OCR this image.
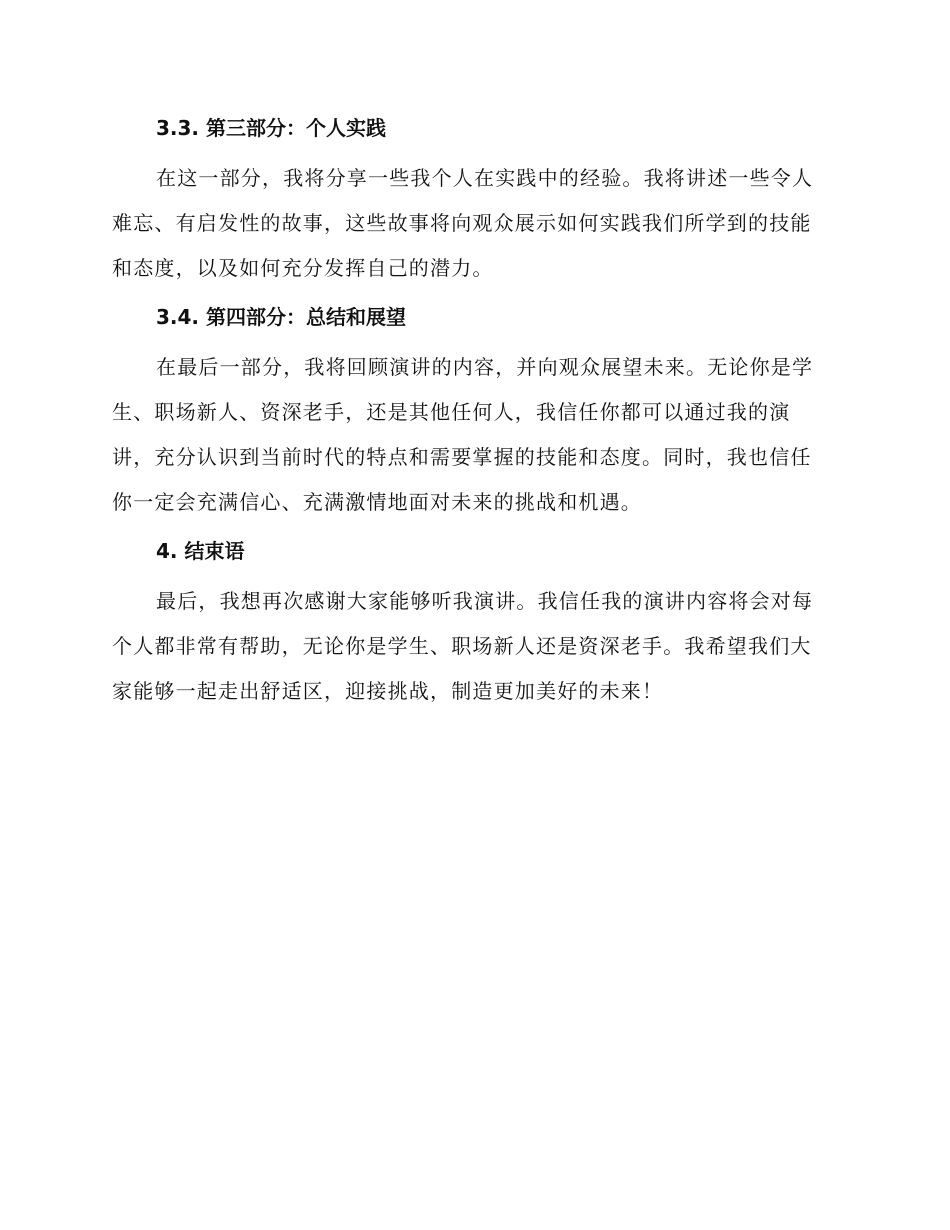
3.3. 第三部分：个人实践

在这一部分，我将分享一些我个人在实践中的经验。我将讲述一些令人难忘、有启发性的故事，这些故事将向观众展示如何实践我们所学到的技能和态度，以及如何充分发挥自己的潜力。

3.4. 第四部分：总结和展望

在最后一部分，我将回顾演讲的内容，并向观众展望未来。无论你是学生、职场新人、资深老手，还是其他任何人，我信任你都可以通过我的演讲，充分认识到当前时代的特点和需要掌握的技能和态度。同时，我也信任你一定会充满信心、充满激情地面对未来的挑战和机遇。

4. 结束语

最后，我想再次感谢大家能够听我演讲。我信任我的演讲内容将会对每个人都非常有帮助，无论你是学生、职场新人还是资深老手。我希望我们大家能够一起走出舒适区，迎接挑战，制造更加美好的未来！
